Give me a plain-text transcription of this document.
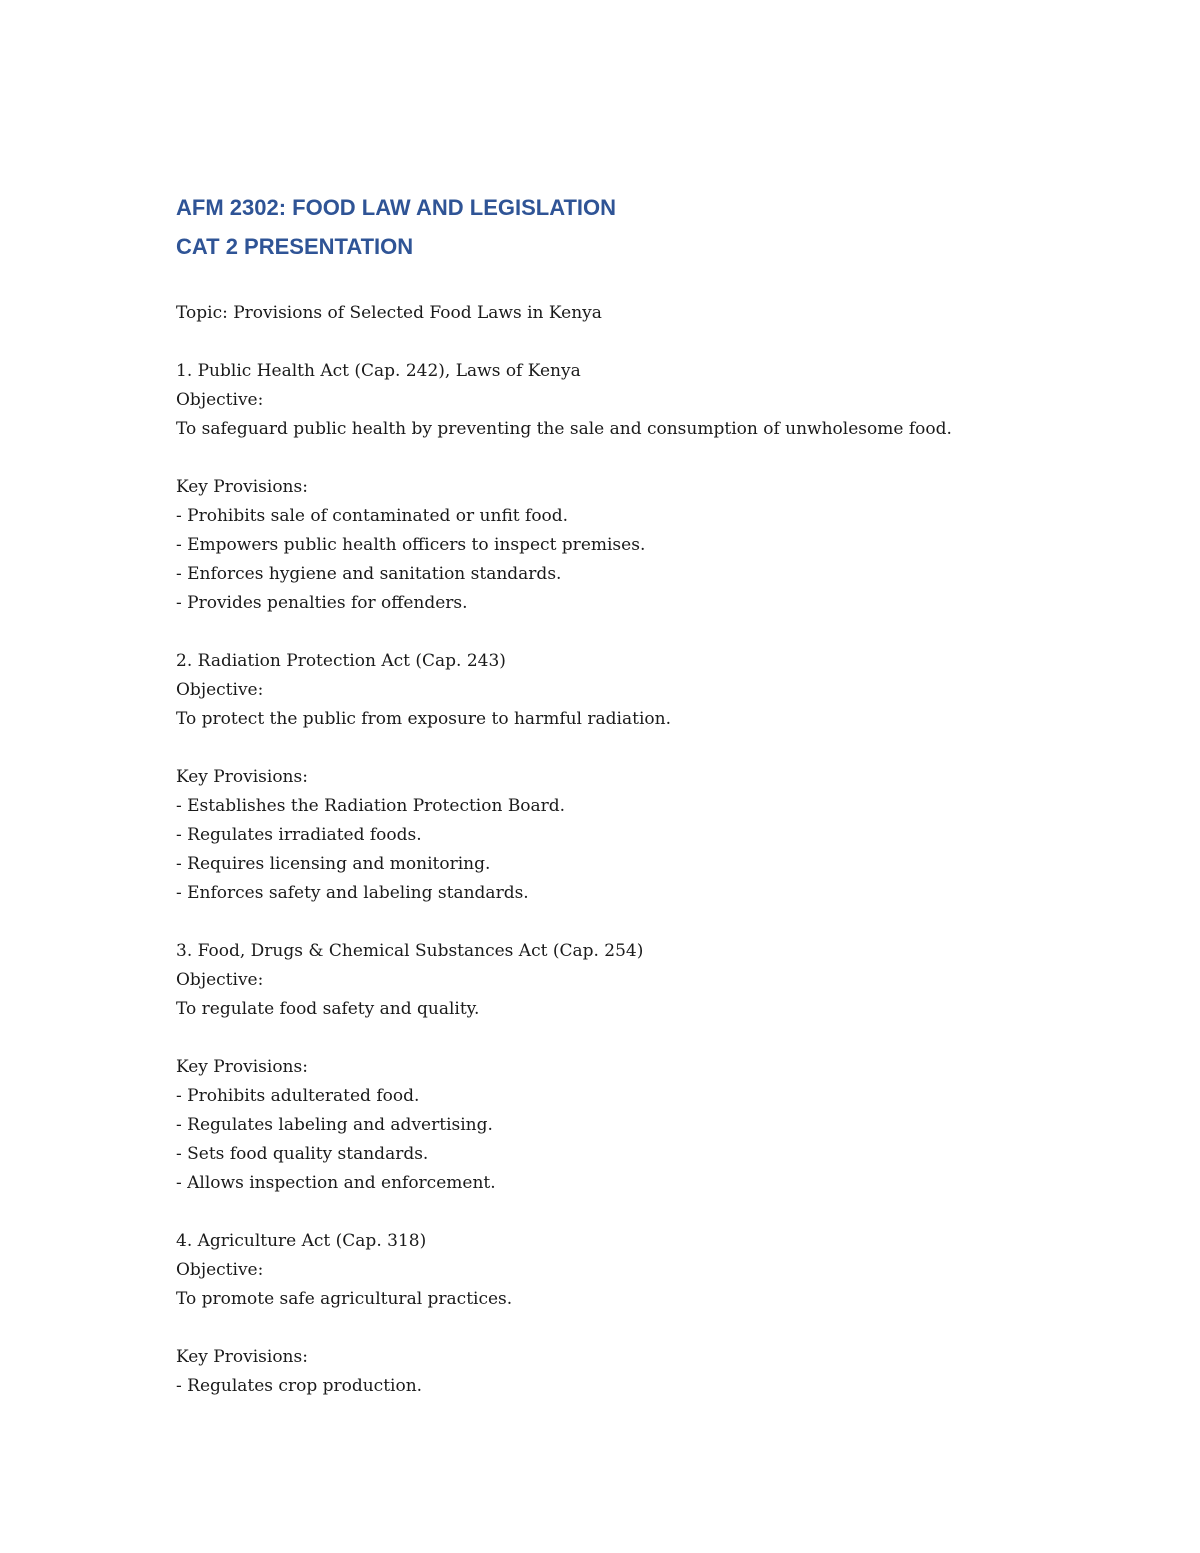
AFM 2302: FOOD LAW AND LEGISLATION
CAT 2 PRESENTATION

Topic: Provisions of Selected Food Laws in Kenya

1. Public Health Act (Cap. 242), Laws of Kenya

Objective:

To safeguard public health by preventing the sale and consumption of unwholesome food.

Key Provisions:

- Prohibits sale of contaminated or unfit food.
- Empowers public health officers to inspect premises.
- Enforces hygiene and sanitation standards.
- Provides penalties for offenders.

2. Radiation Protection Act (Cap. 243)

Objective:

To protect the public from exposure to harmful radiation.

Key Provisions:

- Establishes the Radiation Protection Board.
- Regulates irradiated foods.
- Requires licensing and monitoring.
- Enforces safety and labeling standards.

3. Food, Drugs & Chemical Substances Act (Cap. 254)

Objective:

To regulate food safety and quality.

Key Provisions:

- Prohibits adulterated food.
- Regulates labeling and advertising.
- Sets food quality standards.
- Allows inspection and enforcement.

4. Agriculture Act (Cap. 318)

Objective:

To promote safe agricultural practices.

Key Provisions:

- Regulates crop production.
